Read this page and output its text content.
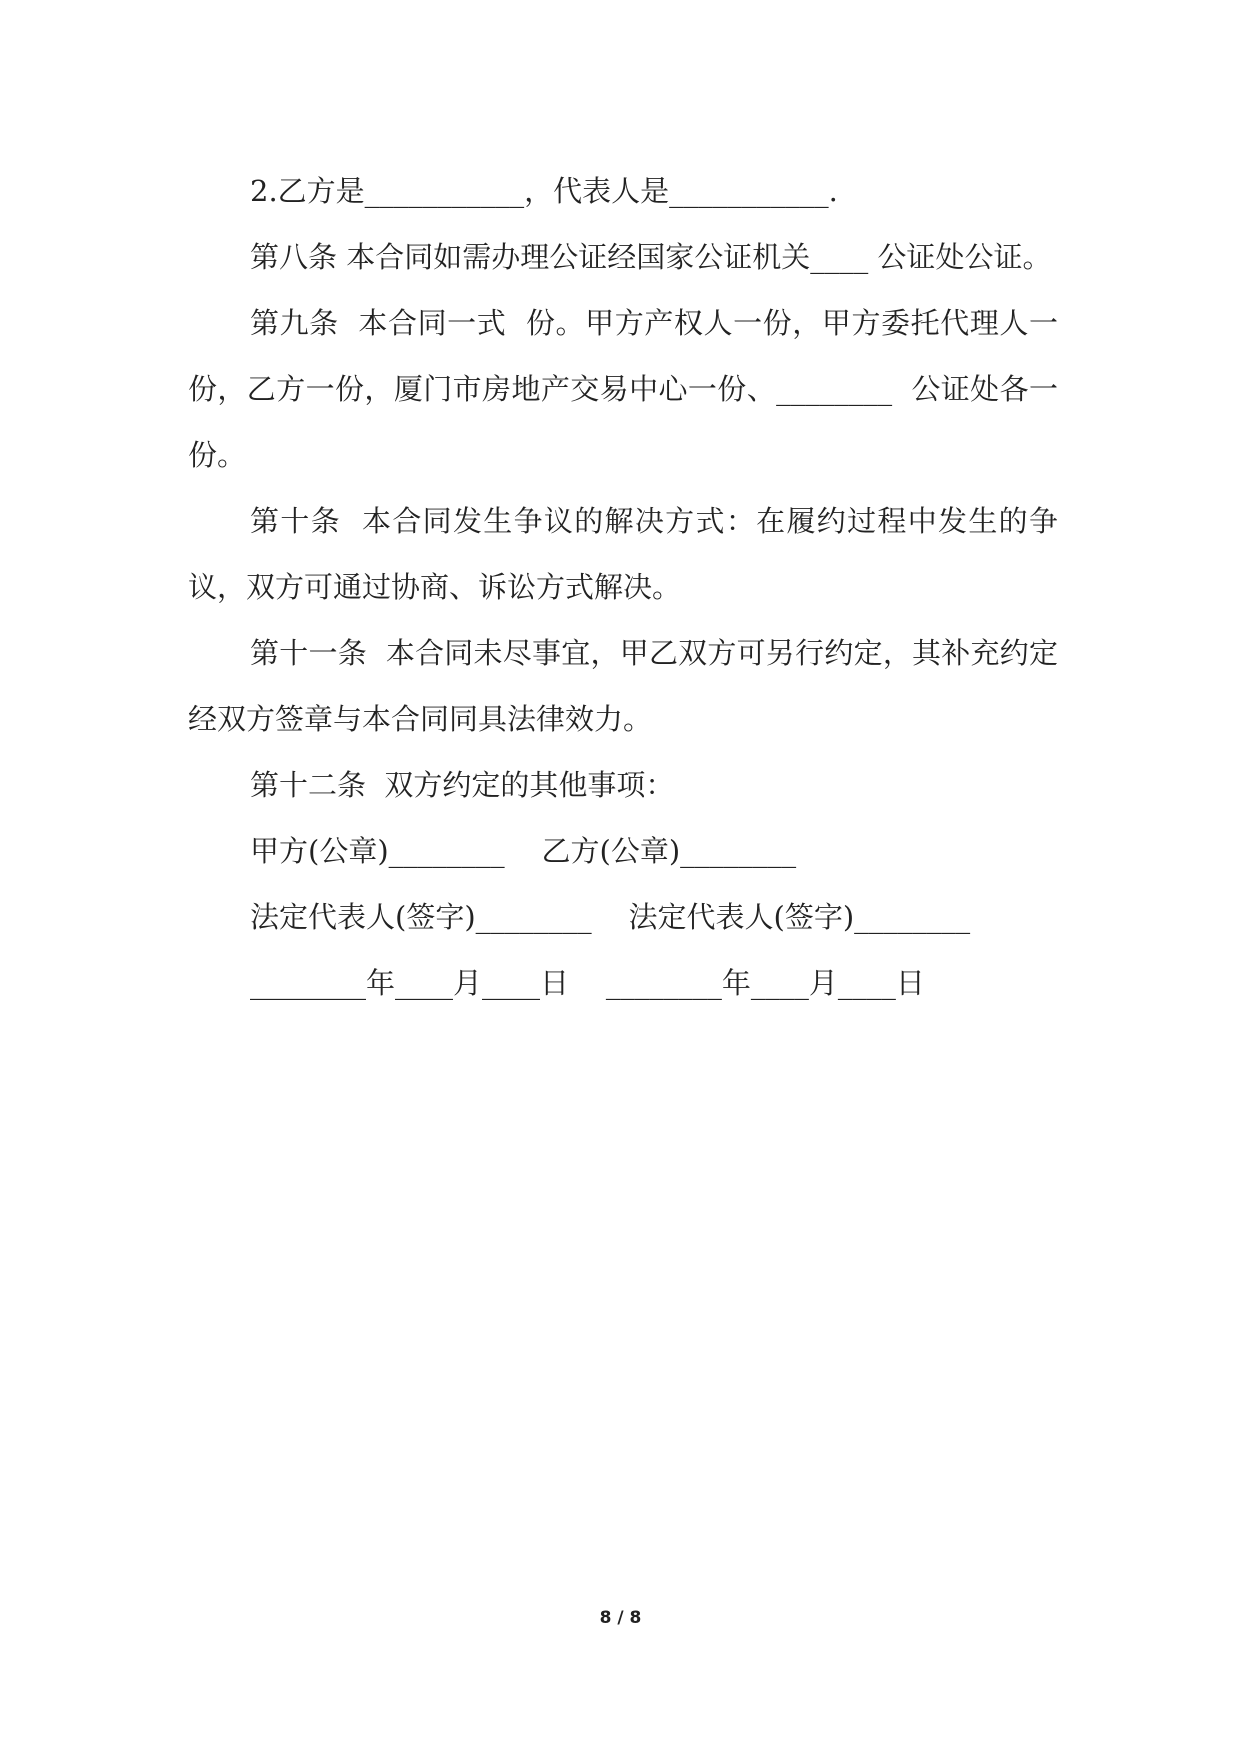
2.乙方是___________，代表人是___________.

第八条 本合同如需办理公证经国家公证机关____ 公证处公证。

第九条  本合同一式  份。甲方产权人一份，甲方委托代理人一份，乙方一份，厦门市房地产交易中心一份、________  公证处各一份。

第十条  本合同发生争议的解决方式：在履约过程中发生的争议，双方可通过协商、诉讼方式解决。

第十一条  本合同未尽事宜，甲乙双方可另行约定，其补充约定经双方签章与本合同同具法律效力。

第十二条  双方约定的其他事项：

甲方(公章)________    乙方(公章)________

法定代表人(签字)________    法定代表人(签字)________

________年____月____日    ________年____月____日

8 / 8
